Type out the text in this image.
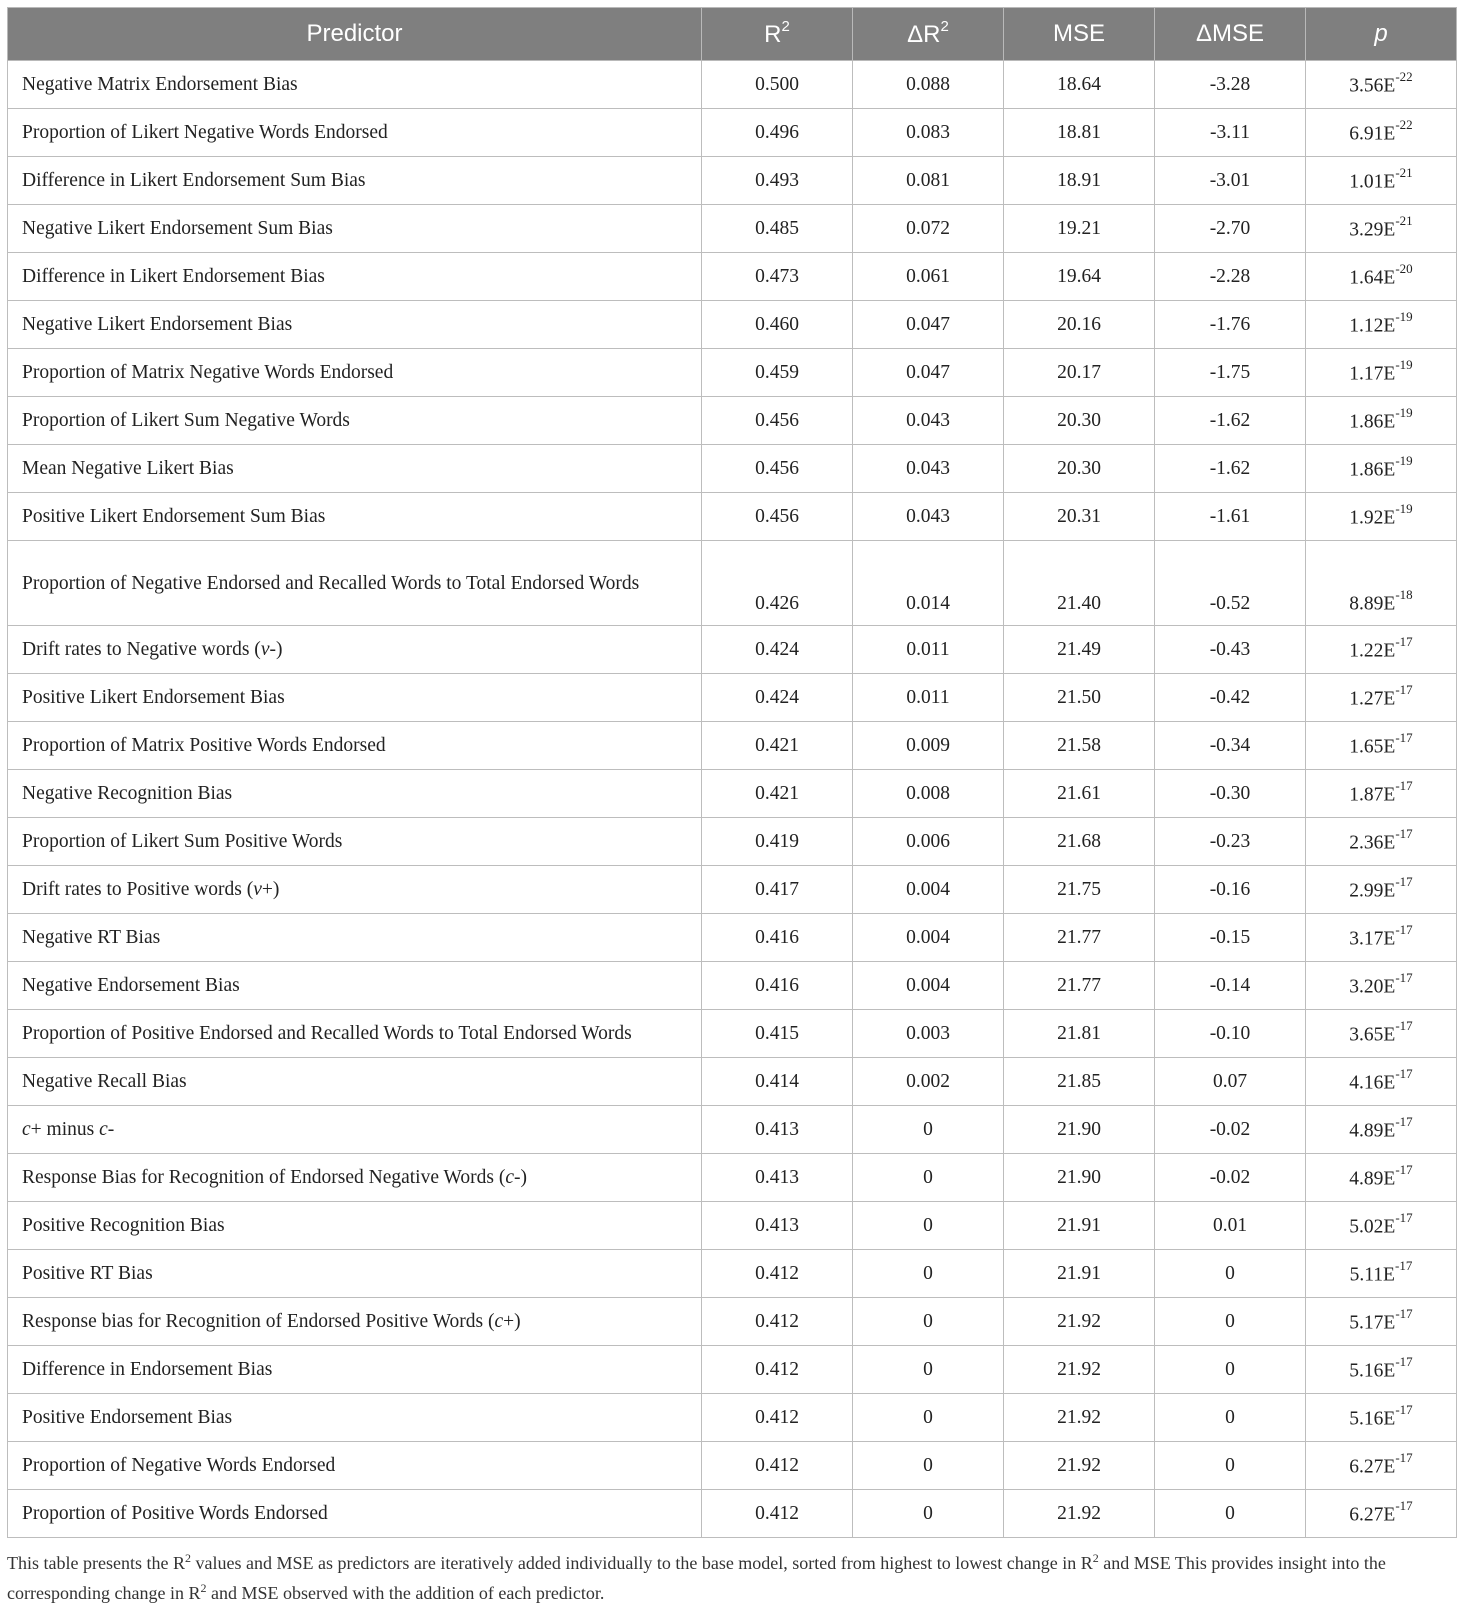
Predictor	$R^2$	$\Delta R^2$	MSE	ΔMSE	p
Negative Matrix Endorsement Bias	0.500	0.088	18.64	-3.28	$3.56E^{-22}$
Proportion of Likert Negative Words Endorsed	0.496	0.083	18.81	-3.11	$6.91E^{-22}$
Difference in Likert Endorsement Sum Bias	0.493	0.081	18.91	-3.01	$1.01E^{-21}$
Negative Likert Endorsement Sum Bias	0.485	0.072	19.21	-2.70	$3.29E^{-21}$
Difference in Likert Endorsement Bias	0.473	0.061	19.64	-2.28	$1.64E^{-20}$
Negative Likert Endorsement Bias	0.460	0.047	20.16	-1.76	$1.12E^{-19}$
Proportion of Matrix Negative Words Endorsed	0.459	0.047	20.17	-1.75	$1.17E^{-19}$
Proportion of Likert Sum Negative Words	0.456	0.043	20.30	-1.62	$1.86E^{-19}$
Mean Negative Likert Bias	0.456	0.043	20.30	-1.62	$1.86E^{-19}$
Positive Likert Endorsement Sum Bias	0.456	0.043	20.31	-1.61	$1.92E^{-19}$
Proportion of Negative Endorsed and Recalled Words to Total Endorsed Words	0.426	0.014	21.40	-0.52	$8.89E^{-18}$
Drift rates to Negative words (v-)	0.424	0.011	21.49	-0.43	$1.22E^{-17}$
Positive Likert Endorsement Bias	0.424	0.011	21.50	-0.42	$1.27E^{-17}$
Proportion of Matrix Positive Words Endorsed	0.421	0.009	21.58	-0.34	$1.65E^{-17}$
Negative Recognition Bias	0.421	0.008	21.61	-0.30	$1.87E^{-17}$
Proportion of Likert Sum Positive Words	0.419	0.006	21.68	-0.23	$2.36E^{-17}$
Drift rates to Positive words (v+)	0.417	0.004	21.75	-0.16	$2.99E^{-17}$
Negative RT Bias	0.416	0.004	21.77	-0.15	$3.17E^{-17}$
Negative Endorsement Bias	0.416	0.004	21.77	-0.14	$3.20E^{-17}$
Proportion of Positive Endorsed and Recalled Words to Total Endorsed Words	0.415	0.003	21.81	-0.10	$3.65E^{-17}$
Negative Recall Bias	0.414	0.002	21.85	0.07	$4.16E^{-17}$
c+ minus c-	0.413	0	21.90	-0.02	$4.89E^{-17}$
Response Bias for Recognition of Endorsed Negative Words (c-)	0.413	0	21.90	-0.02	$4.89E^{-17}$
Positive Recognition Bias	0.413	0	21.91	0.01	$5.02E^{-17}$
Positive RT Bias	0.412	0	21.91	0	$5.11E^{-17}$
Response bias for Recognition of Endorsed Positive Words (c+)	0.412	0	21.92	0	$5.17E^{-17}$
Difference in Endorsement Bias	0.412	0	21.92	0	$5.16E^{-17}$
Positive Endorsement Bias	0.412	0	21.92	0	$5.16E^{-17}$
Proportion of Negative Words Endorsed	0.412	0	21.92	0	$6.27E^{-17}$
Proportion of Positive Words Endorsed	0.412	0	21.92	0	$6.27E^{-17}$
This table presents the $R^2$ values and MSE as predictors are iteratively added individually to the base model, sorted from highest to lowest change in $R^2$ and MSE This provides insight into the corresponding change in $R^2$ and MSE observed with the addition of each predictor.
